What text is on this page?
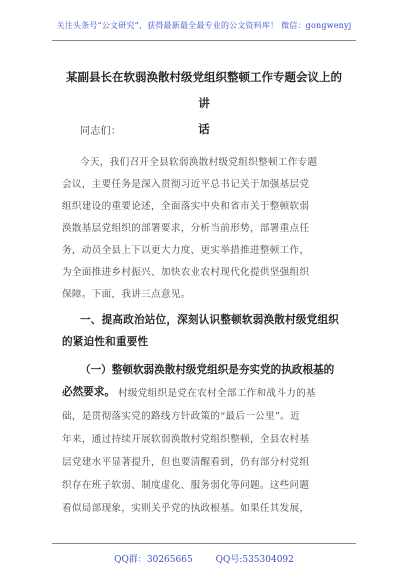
关注头条号“公文研究”，获得最新最全最专业的公文资料库！ 微信：gongwenyj
某副县长在软弱涣散村级党组织整顿工作专题会议上的讲
话
同志们：
今天，我们召开全县软弱涣散村级党组织整顿工作专题
会议，主要任务是深入贯彻习近平总书记关于加强基层党
组织建设的重要论述，全面落实中央和省市关于整顿软弱
涣散基层党组织的部署要求，分析当前形势，部署重点任
务，动员全县上下以更大力度、更实举措推进整顿工作，
为全面推进乡村振兴、加快农业农村现代化提供坚强组织
保障。下面，我讲三点意见。
一、提高政治站位，深刻认识整顿软弱涣散村级党组织
的紧迫性和重要性
（一）整顿软弱涣散村级党组织是夯实党的执政根基的
必然要求。 村级党组织是党在农村全部工作和战斗力的基
础，是贯彻落实党的路线方针政策的“最后一公里”。近
年来，通过持续开展软弱涣散村党组织整顿，全县农村基
层党建水平显著提升，但也要清醒看到，仍有部分村党组
织存在班子软弱、制度虚化、服务弱化等问题。这些问题
看似局部现象，实则关乎党的执政根基。如果任其发展，
QQ群：30265665	QQ号:535304092
